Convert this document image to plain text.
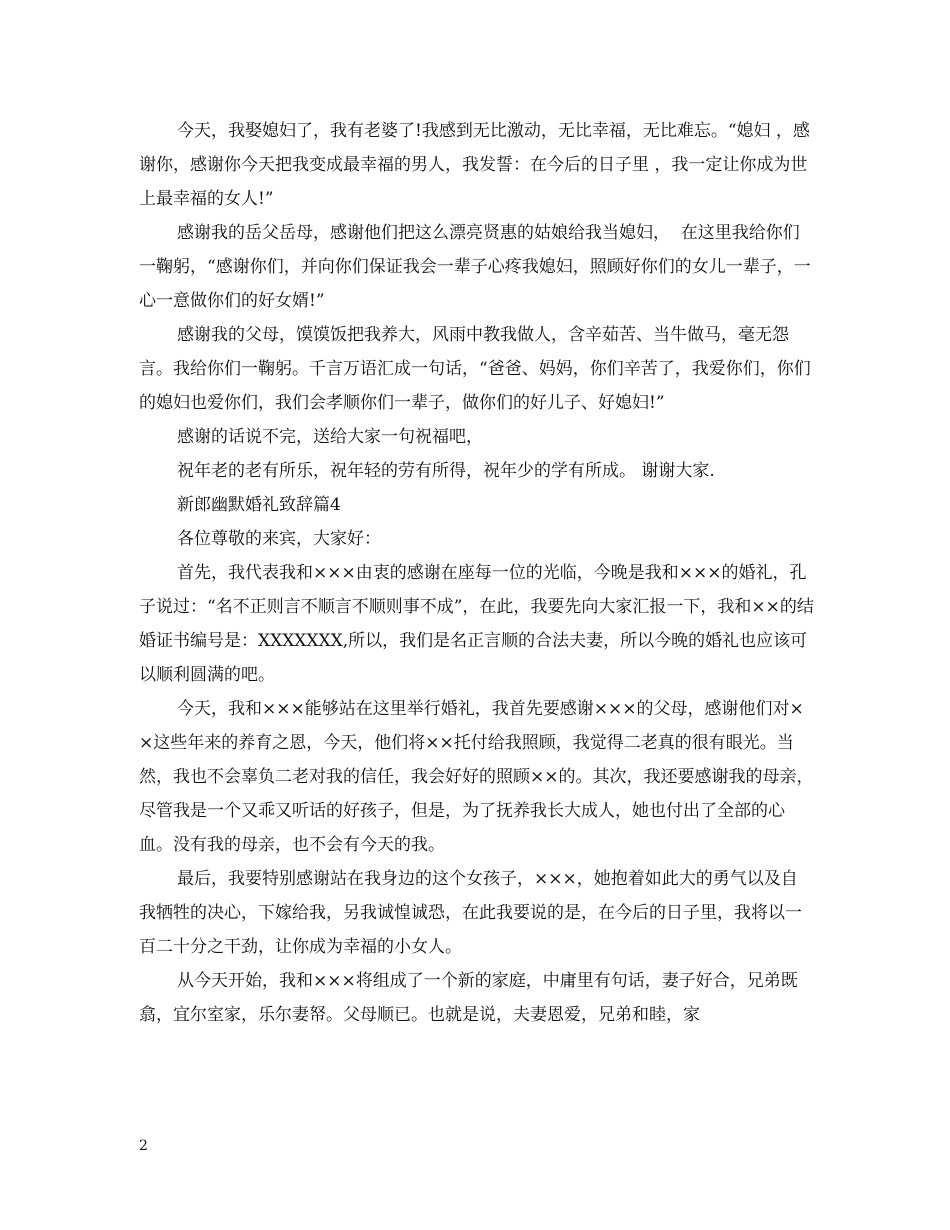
今天，我娶媳妇了，我有老婆了!我感到无比激动，无比幸福，无比难忘。“媳妇 ，感谢你，感谢你今天把我变成最幸福的男人，我发誓：在今后的日子里 ，我一定让你成为世上最幸福的女人!”

感谢我的岳父岳母，感谢他们把这么漂亮贤惠的姑娘给我当媳妇，  在这里我给你们一鞠躬，“感谢你们，并向你们保证我会一辈子心疼我媳妇，照顾好你们的女儿一辈子，一心一意做你们的好女婿!”

感谢我的父母，馍馍饭把我养大，风雨中教我做人，含辛茹苦、当牛做马，毫无怨言。我给你们一鞠躬。千言万语汇成一句话，“爸爸、妈妈，你们辛苦了，我爱你们，你们的媳妇也爱你们，我们会孝顺你们一辈子，做你们的好儿子、好媳妇!”

感谢的话说不完，送给大家一句祝福吧，

祝年老的老有所乐，祝年轻的劳有所得，祝年少的学有所成。 谢谢大家.

新郎幽默婚礼致辞篇4

各位尊敬的来宾，大家好：

首先，我代表我和×××由衷的感谢在座每一位的光临，今晚是我和×××的婚礼，孔子说过：“名不正则言不顺言不顺则事不成”，在此，我要先向大家汇报一下，我和××的结婚证书编号是：XXXXXXX,所以，我们是名正言顺的合法夫妻，所以今晚的婚礼也应该可以顺利圆满的吧。

今天，我和×××能够站在这里举行婚礼，我首先要感谢×××的父母，感谢他们对××这些年来的养育之恩，今天，他们将××托付给我照顾，我觉得二老真的很有眼光。当然，我也不会辜负二老对我的信任，我会好好的照顾××的。其次，我还要感谢我的母亲，尽管我是一个又乖又听话的好孩子，但是，为了抚养我长大成人，她也付出了全部的心血。没有我的母亲，也不会有今天的我。

最后，我要特别感谢站在我身边的这个女孩子，×××，她抱着如此大的勇气以及自我牺牲的决心，下嫁给我，另我诚惶诚恐，在此我要说的是，在今后的日子里，我将以一百二十分之干劲，让你成为幸福的小女人。

从今天开始，我和×××将组成了一个新的家庭，中庸里有句话，妻子好合，兄弟既翕，宜尔室家，乐尔妻帑。父母顺已。也就是说，夫妻恩爱，兄弟和睦，家

2
